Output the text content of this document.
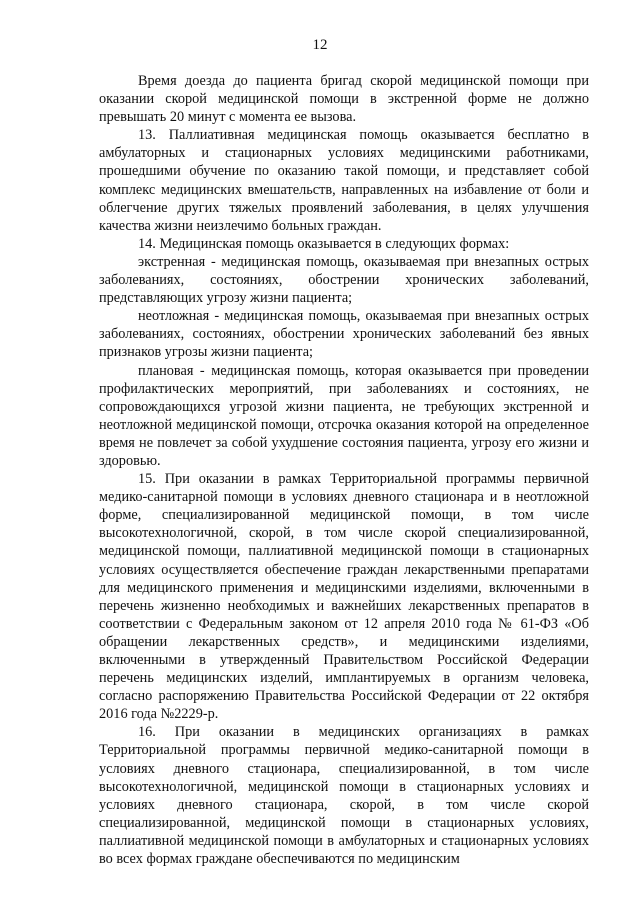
12

Время доезда до пациента бригад скорой медицинской помощи при оказании скорой медицинской помощи в экстренной форме не должно превышать 20 минут с момента ее вызова.

13. Паллиативная медицинская помощь оказывается бесплатно в амбулаторных и стационарных условиях медицинскими работниками, прошедшими обучение по оказанию такой помощи, и представляет собой комплекс медицинских вмешательств, направленных на избавление от боли и облегчение других тяжелых проявлений заболевания, в целях улучшения качества жизни неизлечимо больных граждан.

14. Медицинская помощь оказывается в следующих формах:

экстренная - медицинская помощь, оказываемая при внезапных острых заболеваниях, состояниях, обострении хронических заболеваний, представляющих угрозу жизни пациента;

неотложная - медицинская помощь, оказываемая при внезапных острых заболеваниях, состояниях, обострении хронических заболеваний без явных признаков угрозы жизни пациента;

плановая - медицинская помощь, которая оказывается при проведении профилактических мероприятий, при заболеваниях и состояниях, не сопровождающихся угрозой жизни пациента, не требующих экстренной и неотложной медицинской помощи, отсрочка оказания которой на определенное время не повлечет за собой ухудшение состояния пациента, угрозу его жизни и здоровью.

15. При оказании в рамках Территориальной программы первичной медико-санитарной помощи в условиях дневного стационара и в неотложной форме, специализированной медицинской помощи, в том числе высокотехнологичной, скорой, в том числе скорой специализированной, медицинской помощи, паллиативной медицинской помощи в стационарных условиях осуществляется обеспечение граждан лекарственными препаратами для медицинского применения и медицинскими изделиями, включенными в перечень жизненно необходимых и важнейших лекарственных препаратов в соответствии с Федеральным законом от 12 апреля 2010 года № 61-ФЗ «Об обращении лекарственных средств», и медицинскими изделиями, включенными в утвержденный Правительством Российской Федерации перечень медицинских изделий, имплантируемых в организм человека, согласно распоряжению Правительства Российской Федерации от 22 октября 2016 года №2229-р.

16. При оказании в медицинских организациях в рамках Территориальной программы первичной медико-санитарной помощи в условиях дневного стационара, специализированной, в том числе высокотехнологичной, медицинской помощи в стационарных условиях и условиях дневного стационара, скорой, в том числе скорой специализированной, медицинской помощи в стационарных условиях, паллиативной медицинской помощи в амбулаторных и стационарных условиях во всех формах граждане обеспечиваются по медицинским
